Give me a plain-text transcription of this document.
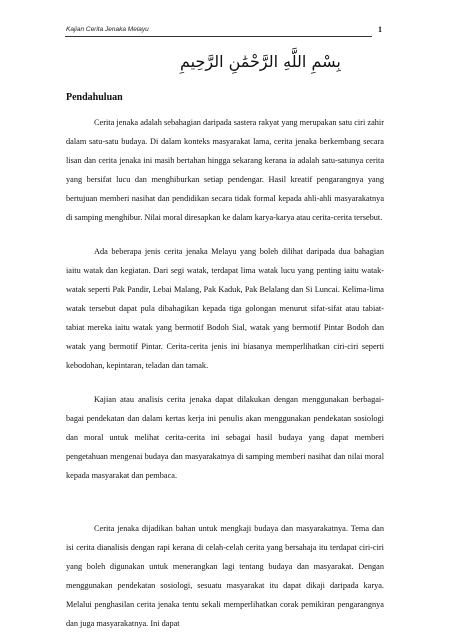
Kajian Cerita Jenaka Melayu	1
بِسْمِ اللَّهِ الرَّحْمَٰنِ الرَّحِيمِ
Pendahuluan

Cerita jenaka adalah sebahagian daripada sastera rakyat yang merupakan satu ciri zahir dalam satu-satu budaya. Di dalam konteks masyarakat lama, cerita jenaka berkembang secara lisan dan cerita jenaka ini masih bertahan hingga sekarang kerana ia adalah satu-satunya cerita yang bersifat lucu dan menghiburkan setiap pendengar. Hasil kreatif pengarangnya yang bertujuan memberi nasihat dan pendidikan secara tidak formal kepada ahli-ahli masyarakatnya di samping menghibur. Nilai moral diresapkan ke dalam karya-karya atau cerita-cerita tersebut.

Ada beberapa jenis cerita jenaka Melayu yang boleh dilihat daripada dua bahagian iaitu watak dan kegiatan. Dari segi watak, terdapat lima watak lucu yang penting iaitu watak-watak seperti Pak Pandir, Lebai Malang, Pak Kaduk, Pak Belalang dan Si Luncai. Kelima-lima watak tersebut dapat pula dibahagikan kepada tiga golongan menurut sifat-sifat atau tabiat-tabiat mereka iaitu watak yang bermotif Bodoh Sial, watak yang bermotif Pintar Bodoh dan watak yang bermotif Pintar. Cerita-cerita jenis ini biasanya memperlihatkan ciri-ciri seperti kebodohan, kepintaran, teladan dan tamak.

Kajian atau analisis cerita jenaka dapat dilakukan dengan menggunakan berbagai-bagai pendekatan dan dalam kertas kerja ini penulis akan menggunakan pendekatan sosiologi dan moral untuk melihat cerita-cerita ini sebagai hasil budaya yang dapat memberi pengetahuan mengenai budaya dan masyarakatnya di samping memberi nasihat dan nilai moral kepada masyarakat dan pembaca.

Cerita jenaka dijadikan bahan untuk mengkaji budaya dan masyarakatnya. Tema dan isi cerita dianalisis dengan rapi kerana di celah-celah cerita yang bersahaja itu terdapat ciri-ciri yang boleh digunakan untuk menerangkan lagi tentang budaya dan masyarakat. Dengan menggunakan pendekatan sosiologi, sesuatu masyarakat itu dapat dikaji daripada karya. Melalui penghasilan cerita jenaka tentu sekali memperlihatkan corak pemikiran pengarangnya dan juga masyarakatnya. Ini dapat
